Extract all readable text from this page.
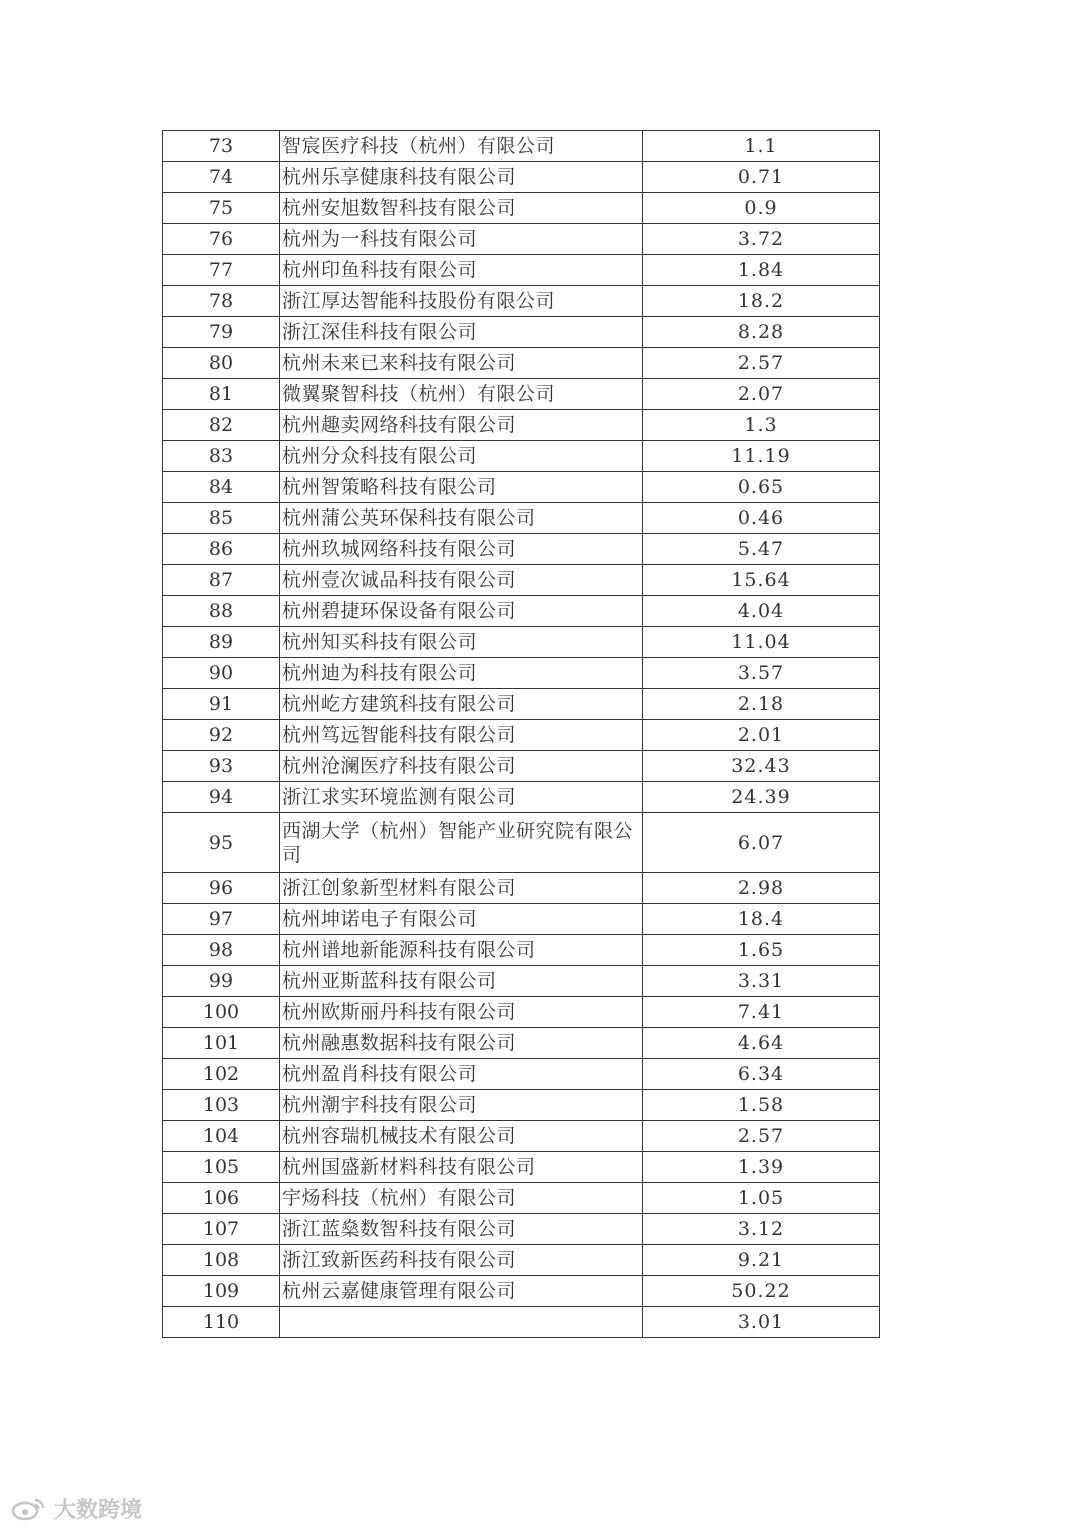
73	智宸医疗科技（杭州）有限公司	1.1
74	杭州乐享健康科技有限公司	0.71
75	杭州安旭数智科技有限公司	0.9
76	杭州为一科技有限公司	3.72
77	杭州印鱼科技有限公司	1.84
78	浙江厚达智能科技股份有限公司	18.2
79	浙江深佳科技有限公司	8.28
80	杭州未来已来科技有限公司	2.57
81	微翼聚智科技（杭州）有限公司	2.07
82	杭州趣卖网络科技有限公司	1.3
83	杭州分众科技有限公司	11.19
84	杭州智策略科技有限公司	0.65
85	杭州蒲公英环保科技有限公司	0.46
86	杭州玖城网络科技有限公司	5.47
87	杭州壹次诚品科技有限公司	15.64
88	杭州碧捷环保设备有限公司	4.04
89	杭州知买科技有限公司	11.04
90	杭州迪为科技有限公司	3.57
91	杭州屹方建筑科技有限公司	2.18
92	杭州笃远智能科技有限公司	2.01
93	杭州沧澜医疗科技有限公司	32.43
94	浙江求实环境监测有限公司	24.39
95	西湖大学（杭州）智能产业研究院有限公司	6.07
96	浙江创象新型材料有限公司	2.98
97	杭州坤诺电子有限公司	18.4
98	杭州谱地新能源科技有限公司	1.65
99	杭州亚斯蓝科技有限公司	3.31
100	杭州欧斯丽丹科技有限公司	7.41
101	杭州融惠数据科技有限公司	4.64
102	杭州盈肖科技有限公司	6.34
103	杭州潮宇科技有限公司	1.58
104	杭州容瑞机械技术有限公司	2.57
105	杭州国盛新材料科技有限公司	1.39
106	宇炀科技（杭州）有限公司	1.05
107	浙江蓝燊数智科技有限公司	3.12
108	浙江致新医药科技有限公司	9.21
109	杭州云嘉健康管理有限公司	50.22
110		3.01
大数跨境
